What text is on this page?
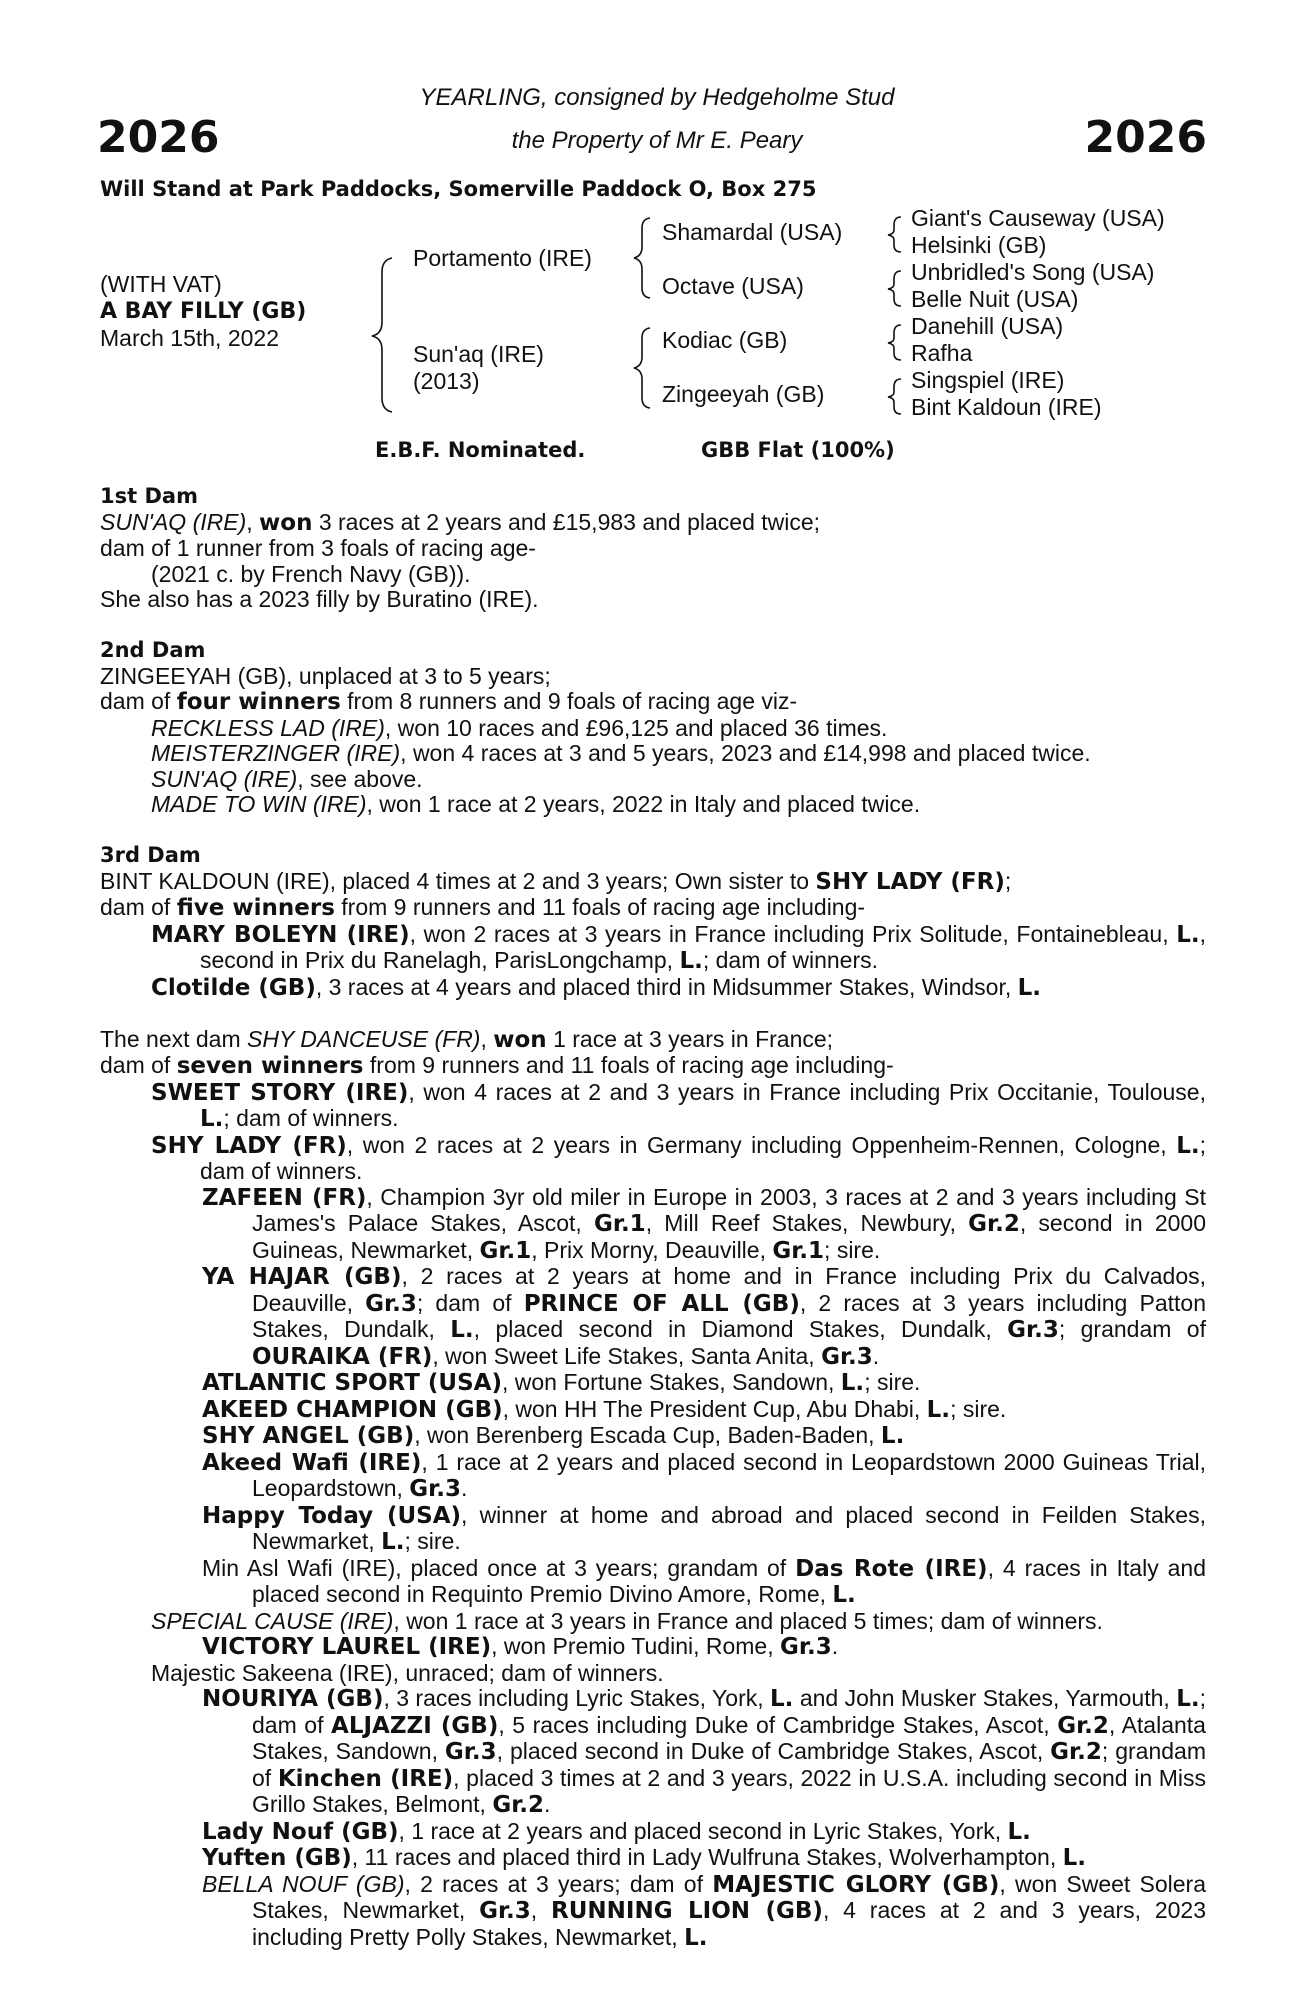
2026	2026
YEARLING, consigned by Hedgeholme Stud
the Property of Mr E. Peary
Will Stand at Park Paddocks, Somerville Paddock O, Box 275
(WITH VAT)
A BAY FILLY (GB)
March 15th, 2022
Portamento (IRE)
Sun'aq (IRE)
(2013)
Shamardal (USA)
Octave (USA)
Kodiac (GB)
Zingeeyah (GB)
Giant's Causeway (USA)
Helsinki (GB)
Unbridled's Song (USA)
Belle Nuit (USA)
Danehill (USA)
Rafha
Singspiel (IRE)
Bint Kaldoun (IRE)
E.B.F. Nominated.	GBB Flat (100%)
1st Dam
SUN'AQ (IRE), won 3 races at 2 years and £15,983 and placed twice;
dam of 1 runner from 3 foals of racing age-
(2021 c. by French Navy (GB)).
She also has a 2023 filly by Buratino (IRE).
2nd Dam
ZINGEEYAH (GB), unplaced at 3 to 5 years;
dam of four winners from 8 runners and 9 foals of racing age viz-
RECKLESS LAD (IRE), won 10 races and £96,125 and placed 36 times.
MEISTERZINGER (IRE), won 4 races at 3 and 5 years, 2023 and £14,998 and placed twice.
SUN'AQ (IRE), see above.
MADE TO WIN (IRE), won 1 race at 2 years, 2022 in Italy and placed twice.
3rd Dam
BINT KALDOUN (IRE), placed 4 times at 2 and 3 years; Own sister to SHY LADY (FR);
dam of five winners from 9 runners and 11 foals of racing age including-
MARY BOLEYN (IRE), won 2 races at 3 years in France including Prix Solitude, Fontainebleau, L., second in Prix du Ranelagh, ParisLongchamp, L.; dam of winners.
Clotilde (GB), 3 races at 4 years and placed third in Midsummer Stakes, Windsor, L.
The next dam SHY DANCEUSE (FR), won 1 race at 3 years in France;
dam of seven winners from 9 runners and 11 foals of racing age including-
SWEET STORY (IRE), won 4 races at 2 and 3 years in France including Prix Occitanie, Toulouse, L.; dam of winners.
SHY LADY (FR), won 2 races at 2 years in Germany including Oppenheim-Rennen, Cologne, L.; dam of winners.
ZAFEEN (FR), Champion 3yr old miler in Europe in 2003, 3 races at 2 and 3 years including St James's Palace Stakes, Ascot, Gr.1, Mill Reef Stakes, Newbury, Gr.2, second in 2000 Guineas, Newmarket, Gr.1, Prix Morny, Deauville, Gr.1; sire.
YA HAJAR (GB), 2 races at 2 years at home and in France including Prix du Calvados, Deauville, Gr.3; dam of PRINCE OF ALL (GB), 2 races at 3 years including Patton Stakes, Dundalk, L., placed second in Diamond Stakes, Dundalk, Gr.3; grandam of OURAIKA (FR), won Sweet Life Stakes, Santa Anita, Gr.3.
ATLANTIC SPORT (USA), won Fortune Stakes, Sandown, L.; sire.
AKEED CHAMPION (GB), won HH The President Cup, Abu Dhabi, L.; sire.
SHY ANGEL (GB), won Berenberg Escada Cup, Baden-Baden, L.
Akeed Wafi (IRE), 1 race at 2 years and placed second in Leopardstown 2000 Guineas Trial, Leopardstown, Gr.3.
Happy Today (USA), winner at home and abroad and placed second in Feilden Stakes, Newmarket, L.; sire.
Min Asl Wafi (IRE), placed once at 3 years; grandam of Das Rote (IRE), 4 races in Italy and placed second in Requinto Premio Divino Amore, Rome, L.
SPECIAL CAUSE (IRE), won 1 race at 3 years in France and placed 5 times; dam of winners.
VICTORY LAUREL (IRE), won Premio Tudini, Rome, Gr.3.
Majestic Sakeena (IRE), unraced; dam of winners.
NOURIYA (GB), 3 races including Lyric Stakes, York, L. and John Musker Stakes, Yarmouth, L.; dam of ALJAZZI (GB), 5 races including Duke of Cambridge Stakes, Ascot, Gr.2, Atalanta Stakes, Sandown, Gr.3, placed second in Duke of Cambridge Stakes, Ascot, Gr.2; grandam of Kinchen (IRE), placed 3 times at 2 and 3 years, 2022 in U.S.A. including second in Miss Grillo Stakes, Belmont, Gr.2.
Lady Nouf (GB), 1 race at 2 years and placed second in Lyric Stakes, York, L.
Yuften (GB), 11 races and placed third in Lady Wulfruna Stakes, Wolverhampton, L.
BELLA NOUF (GB), 2 races at 3 years; dam of MAJESTIC GLORY (GB), won Sweet Solera Stakes, Newmarket, Gr.3, RUNNING LION (GB), 4 races at 2 and 3 years, 2023 including Pretty Polly Stakes, Newmarket, L.
